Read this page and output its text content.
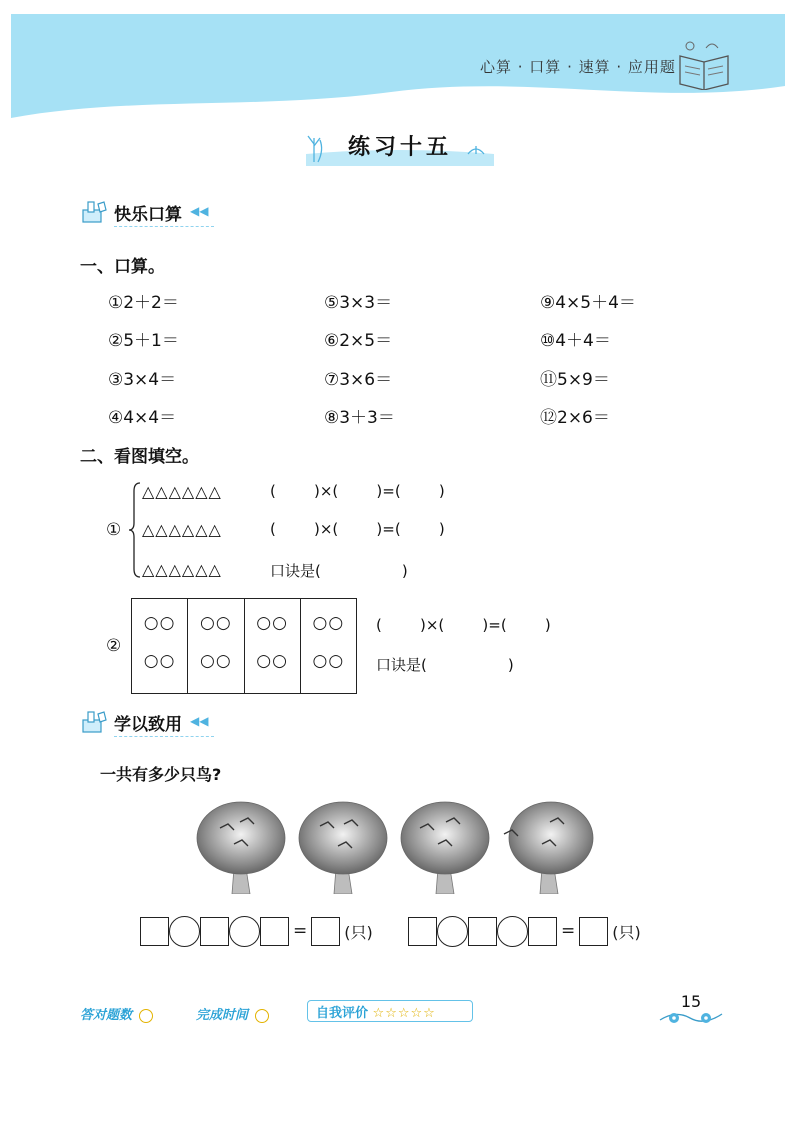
心算 · 口算 · 速算 · 应用题
练习十五
快乐口算 ◀◀
一、口算。
①2＋2＝
②5＋1＝
③3×4＝
④4×4＝
⑤3×3＝
⑥2×5＝
⑦3×6＝
⑧3＋3＝
⑨4×5＋4＝
⑩4＋4＝
⑪5×9＝
⑫2×6＝
二、看图填空。
①
△△△△△△
△△△△△△
△△△△△△
(        )×(        )=(        )
(        )×(        )=(        )
口诀是(                 )
②
○○
○○
○○
○○
○○
○○
○○
○○
(        )×(        )=(        )
口诀是(                 )
学以致用 ◀◀
一共有多少只鸟?
= (只)	= (只)
答对题数	完成时间	自我评价 ☆☆☆☆☆
15
